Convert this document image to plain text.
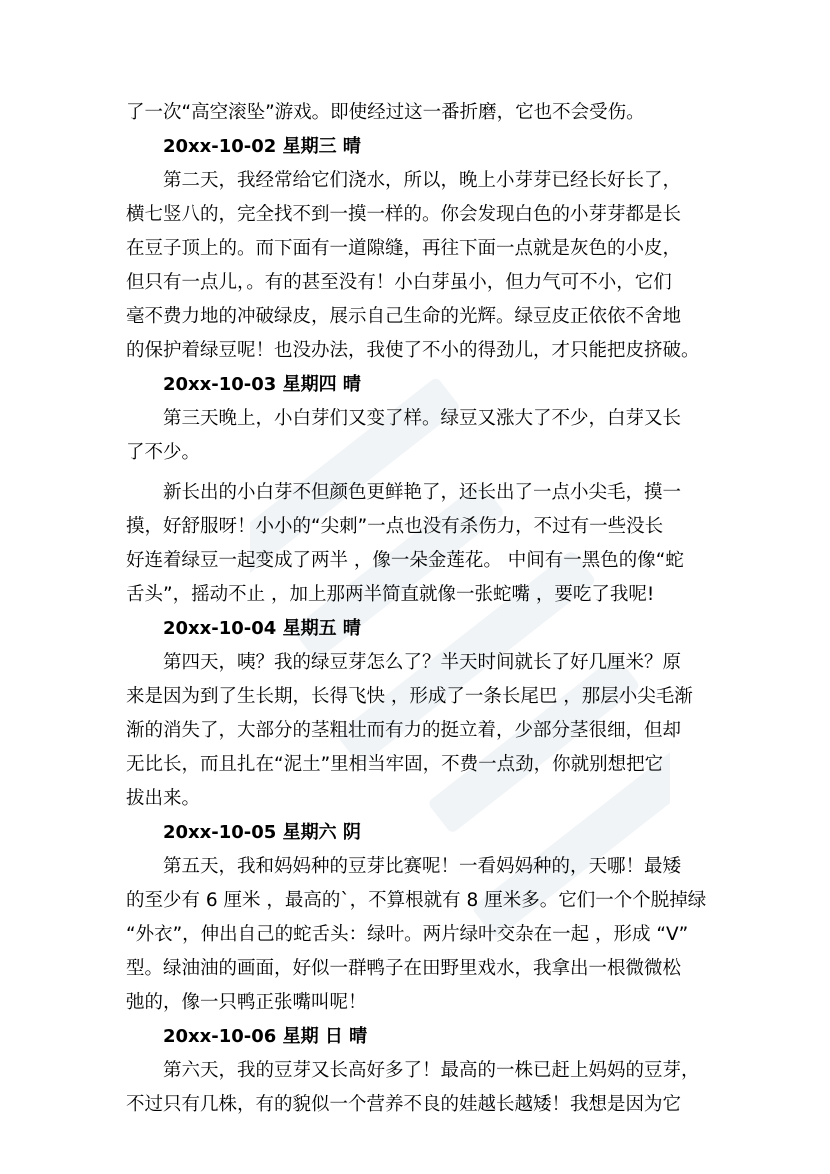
了一次“高空滚坠”游戏。即使经过这一番折磨，它也不会受伤。
20xx-10-02 星期三 晴
第二天，我经常给它们浇水，所以，晚上小芽芽已经长好长了，
横七竖八的，完全找不到一摸一样的。你会发现白色的小芽芽都是长
在豆子顶上的。而下面有一道隙缝，再往下面一点就是灰色的小皮，
但只有一点儿，。有的甚至没有！小白芽虽小，但力气可不小，它们
毫不费力地的冲破绿皮，展示自己生命的光辉。绿豆皮正依依不舍地
的保护着绿豆呢！也没办法，我使了不小的得劲儿，才只能把皮挤破。
20xx-10-03 星期四 晴
第三天晚上，小白芽们又变了样。绿豆又涨大了不少，白芽又长
了不少。
新长出的小白芽不但颜色更鲜艳了，还长出了一点小尖毛，摸一
摸，好舒服呀！小小的“尖刺”一点也没有杀伤力，不过有一些没长
好连着绿豆一起变成了两半 ，像一朵金莲花。 中间有一黑色的像“蛇
舌头”，摇动不止 ，加上那两半简直就像一张蛇嘴 ，要吃了我呢!
20xx-10-04 星期五 晴
第四天，咦？我的绿豆芽怎么了？半天时间就长了好几厘米？原
来是因为到了生长期，长得飞快 ，形成了一条长尾巴 ，那层小尖毛渐
渐的消失了，大部分的茎粗壮而有力的挺立着，少部分茎很细，但却
无比长，而且扎在“泥土”里相当牢固，不费一点劲，你就别想把它
拔出来。
20xx-10-05 星期六 阴
第五天，我和妈妈种的豆芽比赛呢！一看妈妈种的，天哪！最矮
的至少有 6 厘米 ，最高的`，不算根就有 8 厘米多。它们一个个脱掉绿
“外衣”，伸出自己的蛇舌头：绿叶。两片绿叶交杂在一起 ，形成 “V”
型。绿油油的画面，好似一群鸭子在田野里戏水，我拿出一根微微松
弛的，像一只鸭正张嘴叫呢！
20xx-10-06 星期 日 晴
第六天，我的豆芽又长高好多了！最高的一株已赶上妈妈的豆芽，
不过只有几株，有的貌似一个营养不良的娃越长越矮！我想是因为它
